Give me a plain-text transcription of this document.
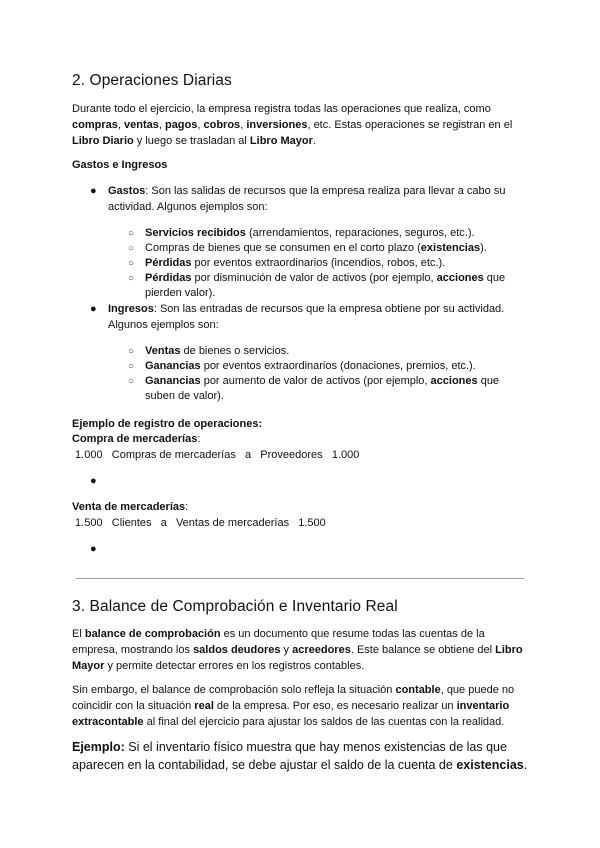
2. Operaciones Diarias

Durante todo el ejercicio, la empresa registra todas las operaciones que realiza, como compras, ventas, pagos, cobros, inversiones, etc. Estas operaciones se registran en el Libro Diario y luego se trasladan al Libro Mayor.

Gastos e Ingresos

● Gastos: Son las salidas de recursos que la empresa realiza para llevar a cabo su actividad. Algunos ejemplos son:

○ Servicios recibidos (arrendamientos, reparaciones, seguros, etc.).

○ Compras de bienes que se consumen en el corto plazo (existencias).

○ Pérdidas por eventos extraordinarios (incendios, robos, etc.).

○ Pérdidas por disminución de valor de activos (por ejemplo, acciones que pierden valor).

● Ingresos: Son las entradas de recursos que la empresa obtiene por su actividad. Algunos ejemplos son:

○ Ventas de bienes o servicios.

○ Ganancias por eventos extraordinarios (donaciones, premios, etc.).

○ Ganancias por aumento de valor de activos (por ejemplo, acciones que suben de valor).

Ejemplo de registro de operaciones:

Compra de mercaderías:

1.000   Compras de mercaderías   a   Proveedores   1.000

●

Venta de mercaderías:

1.500   Clientes   a   Ventas de mercaderías   1.500

●
3. Balance de Comprobación e Inventario Real

El balance de comprobación es un documento que resume todas las cuentas de la empresa, mostrando los saldos deudores y acreedores. Este balance se obtiene del Libro Mayor y permite detectar errores en los registros contables.

Sin embargo, el balance de comprobación solo refleja la situación contable, que puede no coincidir con la situación real de la empresa. Por eso, es necesario realizar un inventario extracontable al final del ejercicio para ajustar los saldos de las cuentas con la realidad.

Ejemplo: Si el inventario físico muestra que hay menos existencias de las que aparecen en la contabilidad, se debe ajustar el saldo de la cuenta de existencias.
